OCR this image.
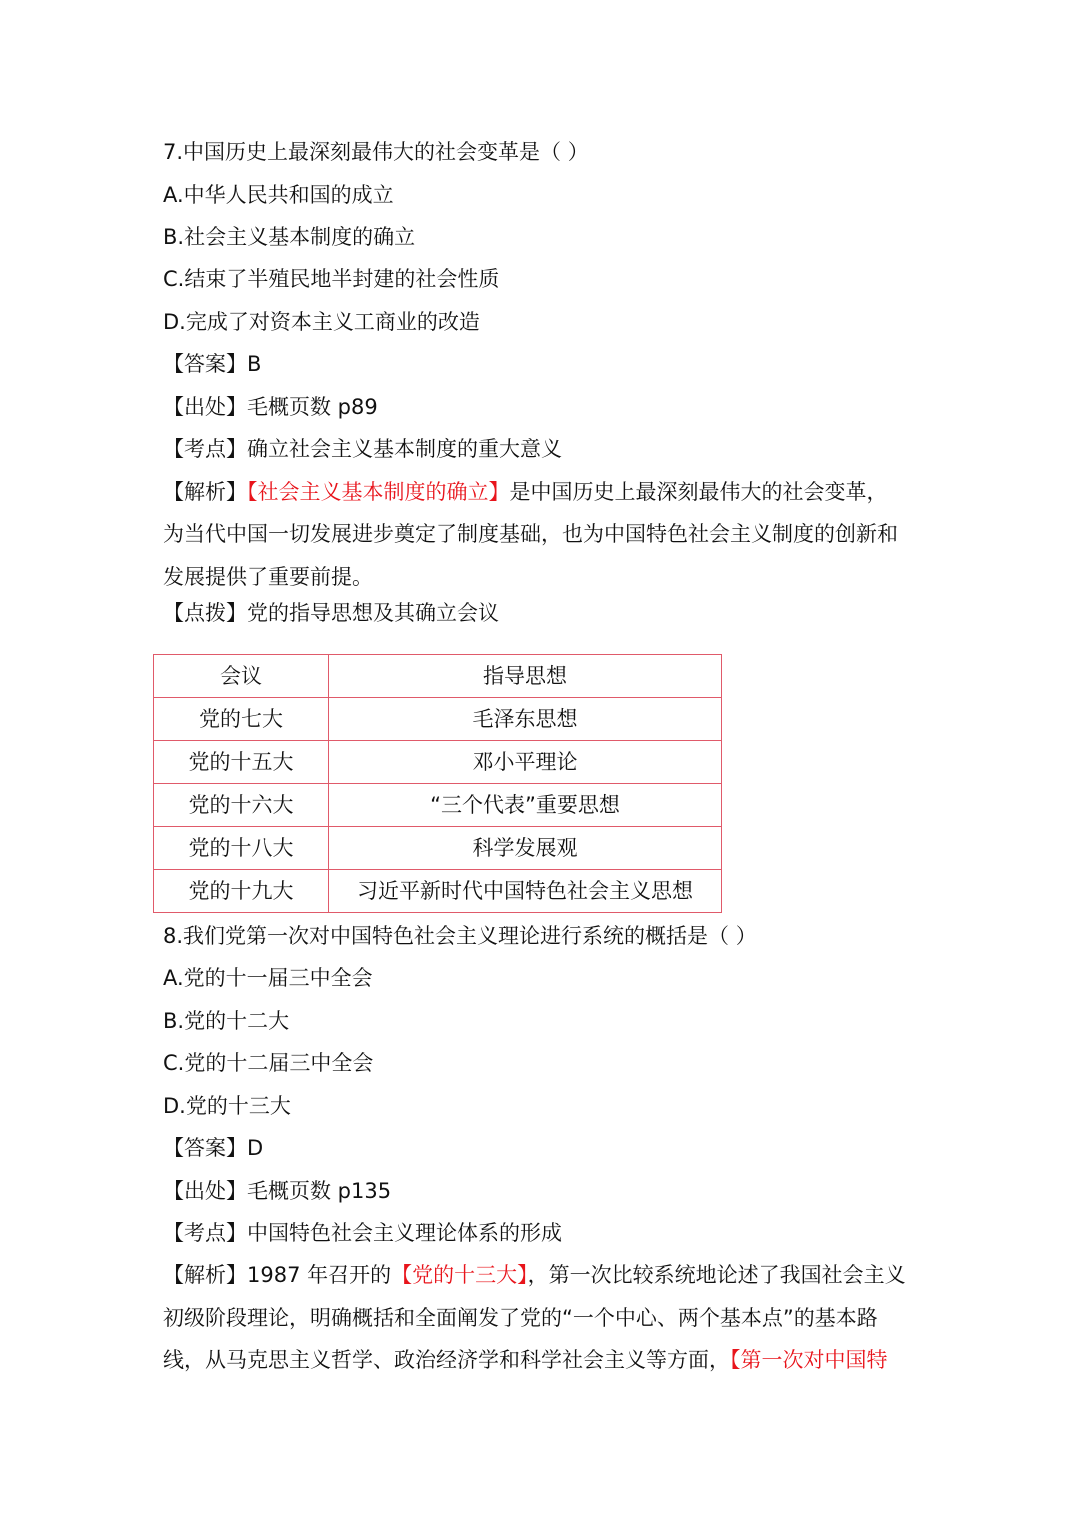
7.中国历史上最深刻最伟大的社会变革是（ ）
A.中华人民共和国的成立
B.社会主义基本制度的确立
C.结束了半殖民地半封建的社会性质
D.完成了对资本主义工商业的改造
【答案】B
【出处】毛概页数 p89
【考点】确立社会主义基本制度的重大意义
【解析】【社会主义基本制度的确立】是中国历史上最深刻最伟大的社会变革，
为当代中国一切发展进步奠定了制度基础，也为中国特色社会主义制度的创新和
发展提供了重要前提。
【点拨】党的指导思想及其确立会议
会议	指导思想
党的七大	毛泽东思想
党的十五大	邓小平理论
党的十六大	“三个代表”重要思想
党的十八大	科学发展观
党的十九大	习近平新时代中国特色社会主义思想
8.我们党第一次对中国特色社会主义理论进行系统的概括是（ ）
A.党的十一届三中全会
B.党的十二大
C.党的十二届三中全会
D.党的十三大
【答案】D
【出处】毛概页数 p135
【考点】中国特色社会主义理论体系的形成
【解析】1987 年召开的【党的十三大】，第一次比较系统地论述了我国社会主义
初级阶段理论，明确概括和全面阐发了党的“一个中心、两个基本点”的基本路
线，从马克思主义哲学、政治经济学和科学社会主义等方面，【第一次对中国特
